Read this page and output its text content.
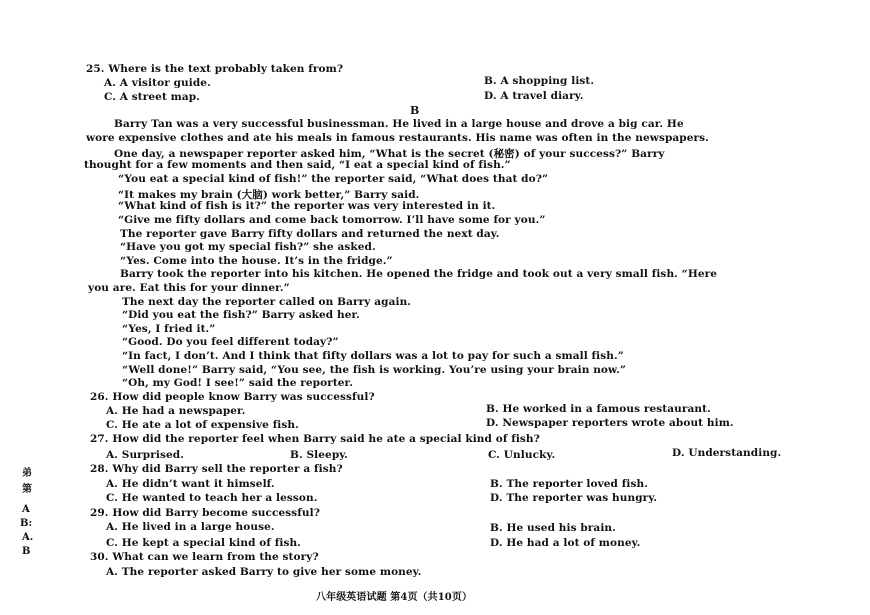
25. Where is the text probably taken from?
A. A visitor guide.	B. A shopping list.
C. A street map.	D. A travel diary.
B
Barry Tan was a very successful businessman. He lived in a large house and drove a big car. He
wore expensive clothes and ate his meals in famous restaurants. His name was often in the newspapers.
One day, a newspaper reporter asked him, “What is the secret (秘密) of your success?” Barry
thought for a few moments and then said, “I eat a special kind of fish.”
“You eat a special kind of fish!” the reporter said, “What does that do?”
“It makes my brain (大脑) work better,” Barry said.
“What kind of fish is it?” the reporter was very interested in it.
“Give me fifty dollars and come back tomorrow. I’ll have some for you.”
The reporter gave Barry fifty dollars and returned the next day.
“Have you got my special fish?” she asked.
“Yes. Come into the house. It’s in the fridge.”
Barry took the reporter into his kitchen. He opened the fridge and took out a very small fish. “Here
you are. Eat this for your dinner.”
The next day the reporter called on Barry again.
“Did you eat the fish?” Barry asked her.
“Yes, I fried it.”
“Good. Do you feel different today?”
“In fact, I don’t. And I think that fifty dollars was a lot to pay for such a small fish.”
“Well done!” Barry said, “You see, the fish is working. You’re using your brain now.”
“Oh, my God! I see!” said the reporter.
26. How did people know Barry was successful?
A. He had a newspaper.	B. He worked in a famous restaurant.
C. He ate a lot of expensive fish.	D. Newspaper reporters wrote about him.
27. How did the reporter feel when Barry said he ate a special kind of fish?
A. Surprised.	B. Sleepy.	C. Unlucky.	D. Understanding.
28. Why did Barry sell the reporter a fish?
A. He didn’t want it himself.	B. The reporter loved fish.
C. He wanted to teach her a lesson.	D. The reporter was hungry.
29. How did Barry become successful?
A. He lived in a large house.	B. He used his brain.
C. He kept a special kind of fish.	D. He had a lot of money.
30. What can we learn from the story?
A. The reporter asked Barry to give her some money.
弟
第
A
B:
A.
B
八年级英语试题 第4页（共10页）
